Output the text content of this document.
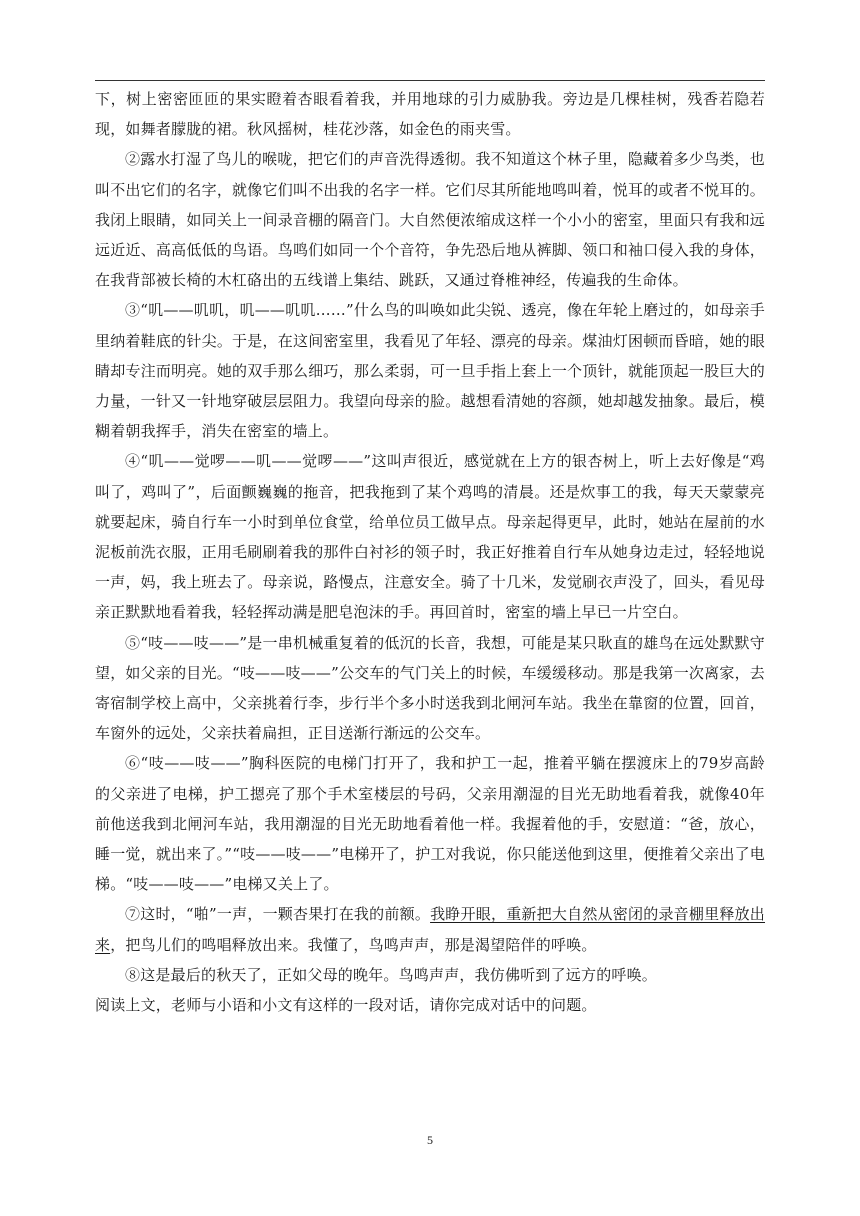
下，树上密密匝匝的果实瞪着杏眼看着我，并用地球的引力威胁我。旁边是几棵桂树，残香若隐若现，如舞者朦胧的裙。秋风摇树，桂花沙落，如金色的雨夹雪。

②露水打湿了鸟儿的喉咙，把它们的声音洗得透彻。我不知道这个林子里，隐藏着多少鸟类，也叫不出它们的名字，就像它们叫不出我的名字一样。它们尽其所能地鸣叫着，悦耳的或者不悦耳的。我闭上眼睛，如同关上一间录音棚的隔音门。大自然便浓缩成这样一个小小的密室，里面只有我和远远近近、高高低低的鸟语。鸟鸣们如同一个个音符，争先恐后地从裤脚、领口和袖口侵入我的身体，在我背部被长椅的木杠硌出的五线谱上集结、跳跃，又通过脊椎神经，传遍我的生命体。

③“叽——叽叽，叽——叽叽……”什么鸟的叫唤如此尖锐、透亮，像在年轮上磨过的，如母亲手里纳着鞋底的针尖。于是，在这间密室里，我看见了年轻、漂亮的母亲。煤油灯困顿而昏暗，她的眼睛却专注而明亮。她的双手那么细巧，那么柔弱，可一旦手指上套上一个顶针，就能顶起一股巨大的力量，一针又一针地穿破层层阻力。我望向母亲的脸。越想看清她的容颜，她却越发抽象。最后，模糊着朝我挥手，消失在密室的墙上。

④“叽——觉啰——叽——觉啰——”这叫声很近，感觉就在上方的银杏树上，听上去好像是“鸡叫了，鸡叫了”，后面颤巍巍的拖音，把我拖到了某个鸡鸣的清晨。还是炊事工的我，每天天蒙蒙亮就要起床，骑自行车一小时到单位食堂，给单位员工做早点。母亲起得更早，此时，她站在屋前的水泥板前洗衣服，正用毛刷刷着我的那件白衬衫的领子时，我正好推着自行车从她身边走过，轻轻地说一声，妈，我上班去了。母亲说，路慢点，注意安全。骑了十几米，发觉刷衣声没了，回头，看见母亲正默默地看着我，轻轻挥动满是肥皂泡沫的手。再回首时，密室的墙上早已一片空白。

⑤“吱——吱——”是一串机械重复着的低沉的长音，我想，可能是某只耿直的雄鸟在远处默默守望，如父亲的目光。“吱——吱——”公交车的气门关上的时候，车缓缓移动。那是我第一次离家，去寄宿制学校上高中，父亲挑着行李，步行半个多小时送我到北闸河车站。我坐在靠窗的位置，回首，车窗外的远处，父亲扶着扁担，正目送渐行渐远的公交车。

⑥“吱——吱——”胸科医院的电梯门打开了，我和护工一起，推着平躺在摆渡床上的79岁高龄的父亲进了电梯，护工摁亮了那个手术室楼层的号码，父亲用潮湿的目光无助地看着我，就像40年前他送我到北闸河车站，我用潮湿的目光无助地看着他一样。我握着他的手，安慰道：“爸，放心，睡一觉，就出来了。”“吱——吱——”电梯开了，护工对我说，你只能送他到这里，便推着父亲出了电梯。“吱——吱——”电梯又关上了。

⑦这时，“啪”一声，一颗杏果打在我的前额。我睁开眼，重新把大自然从密闭的录音棚里释放出来，把鸟儿们的鸣唱释放出来。我懂了，鸟鸣声声，那是渴望陪伴的呼唤。

⑧这是最后的秋天了，正如父母的晚年。鸟鸣声声，我仿佛听到了远方的呼唤。

阅读上文，老师与小语和小文有这样的一段对话，请你完成对话中的问题。

5
